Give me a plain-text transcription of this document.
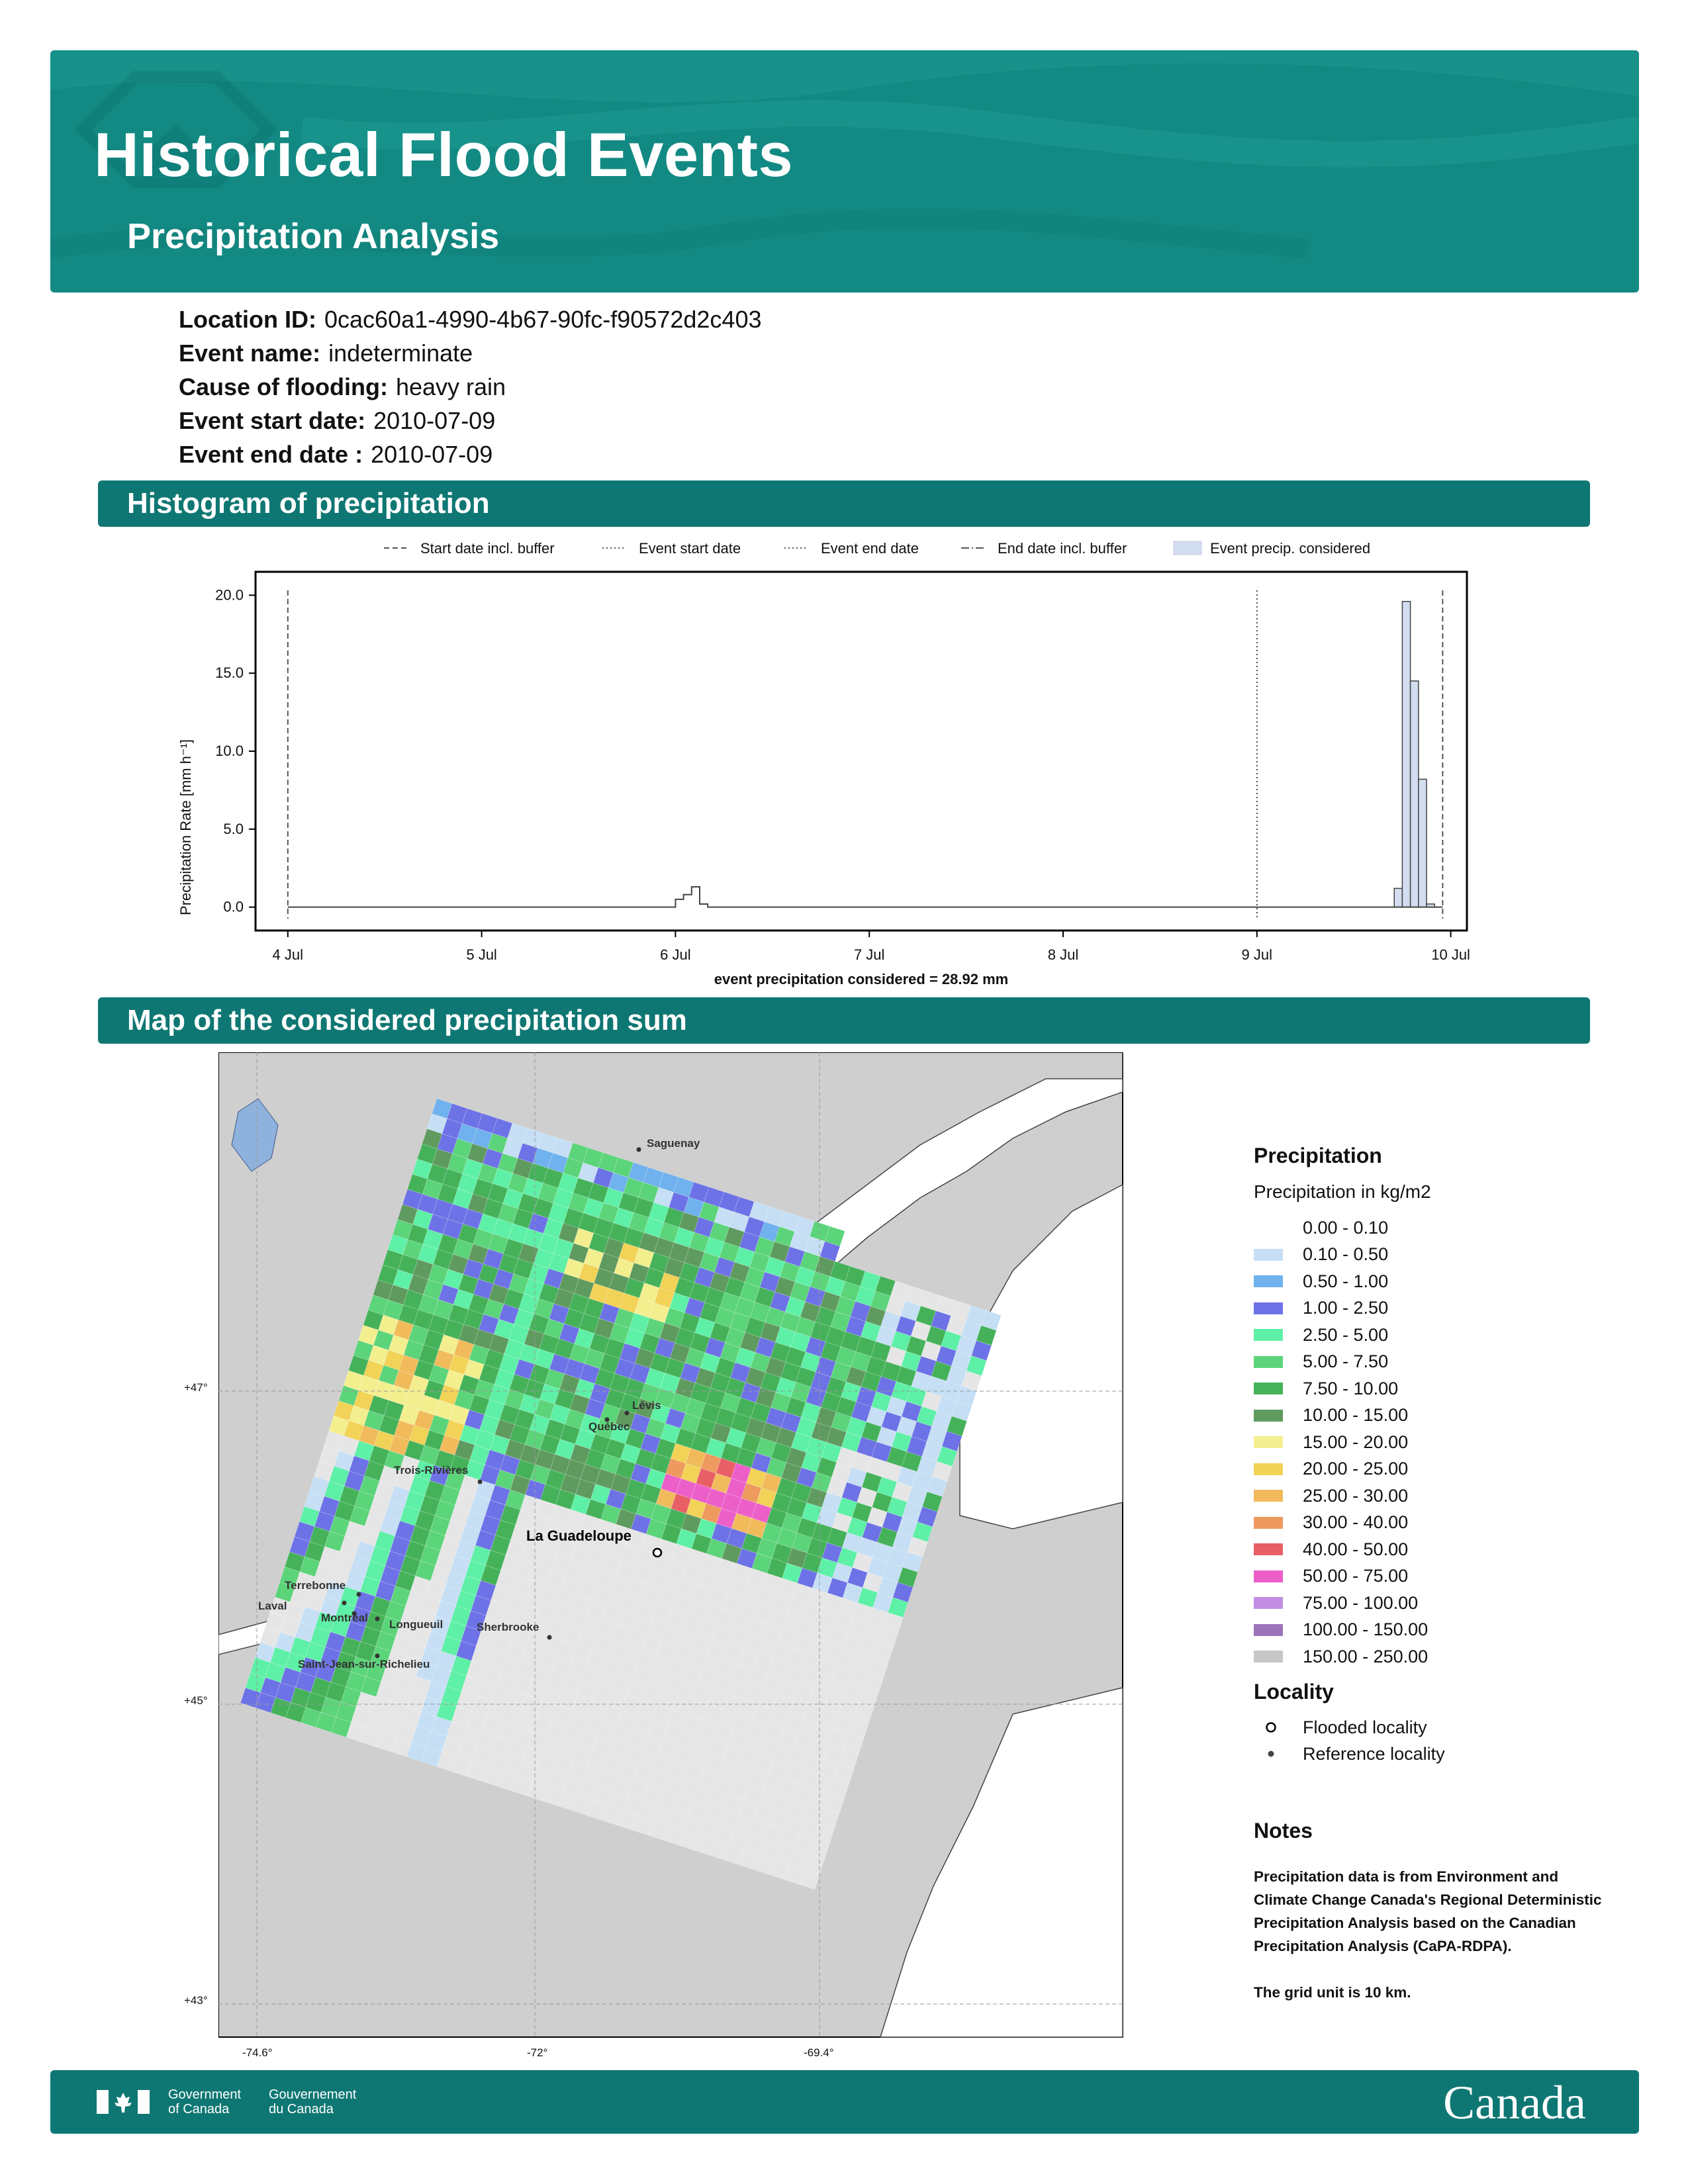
Historical Flood Events
Precipitation Analysis
Location ID: 0cac60a1-4990-4b67-90fc-f90572d2c403
Event name: indeterminate
Cause of flooding: heavy rain
Event start date: 2010-07-09
Event end date : 2010-07-09
Histogram of precipitation
Start date incl. buffer	Event start date	Event end date	End date incl. buffer	Event precip. considered
0.0
5.0
10.0
15.0
20.0
4 Jul	5 Jul	6 Jul	7 Jul	8 Jul	9 Jul	10 Jul
Precipitation Rate [mm h⁻¹]
event precipitation considered = 28.92 mm
Map of the considered precipitation sum
Saguenay
Lévis
Québec
Trois-Rivières
La Guadeloupe
Terrebonne
Laval
Montréal
Longueuil	Sherbrooke
Saint-Jean-sur-Richelieu
+47°
+45°
+43°
-74.6°	-72°	-69.4°
Precipitation
Precipitation in kg/m2
0.00 - 0.10
0.10 - 0.50
0.50 - 1.00
1.00 - 2.50
2.50 - 5.00
5.00 - 7.50
7.50 - 10.00
10.00 - 15.00
15.00 - 20.00
20.00 - 25.00
25.00 - 30.00
30.00 - 40.00
40.00 - 50.00
50.00 - 75.00
75.00 - 100.00
100.00 - 150.00
150.00 - 250.00
Locality
Flooded locality
Reference locality
Notes

Precipitation data is from Environment and Climate Change Canada's Regional Deterministic Precipitation Analysis based on the Canadian Precipitation Analysis (CaPA-RDPA).

The grid unit is 10 km.

Government
of Canada
Gouvernement
du Canada	Canada
